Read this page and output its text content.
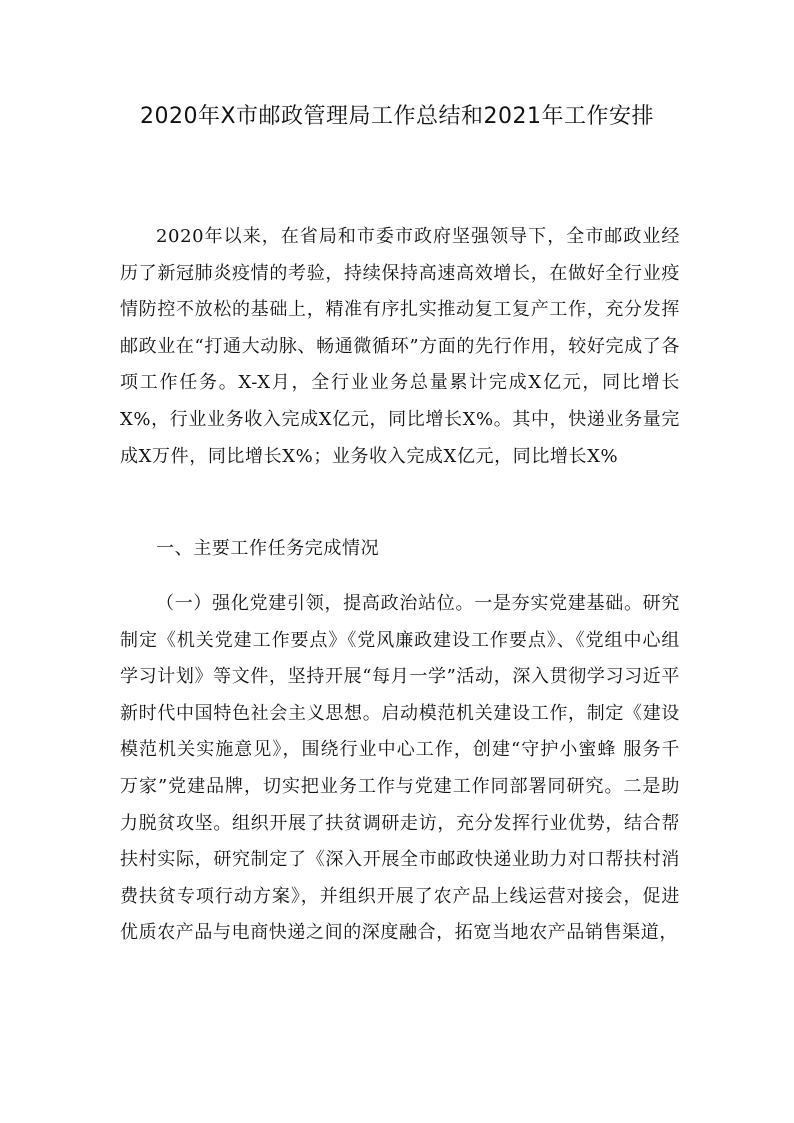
2020年X市邮政管理局工作总结和2021年工作安排

2020年以来，在省局和市委市政府坚强领导下，全市邮政业经历了新冠肺炎疫情的考验，持续保持高速高效增长，在做好全行业疫情防控不放松的基础上，精准有序扎实推动复工复产工作，充分发挥邮政业在“打通大动脉、畅通微循环”方面的先行作用，较好完成了各项工作任务。X-X月，全行业业务总量累计完成X亿元，同比增长X%，行业业务收入完成X亿元，同比增长X%。其中，快递业务量完成X万件，同比增长X%；业务收入完成X亿元，同比增长X%

一、主要工作任务完成情况

（一）强化党建引领，提高政治站位。一是夯实党建基础。研究制定《机关党建工作要点》《党风廉政建设工作要点》、《党组中心组学习计划》等文件，坚持开展“每月一学”活动，深入贯彻学习习近平新时代中国特色社会主义思想。启动模范机关建设工作，制定《建设模范机关实施意见》，围绕行业中心工作，创建“守护小蜜蜂 服务千万家”党建品牌，切实把业务工作与党建工作同部署同研究。二是助力脱贫攻坚。组织开展了扶贫调研走访，充分发挥行业优势，结合帮扶村实际，研究制定了《深入开展全市邮政快递业助力对口帮扶村消费扶贫专项行动方案》，并组织开展了农产品上线运营对接会，促进优质农产品与电商快递之间的深度融合，拓宽当地农产品销售渠道，
